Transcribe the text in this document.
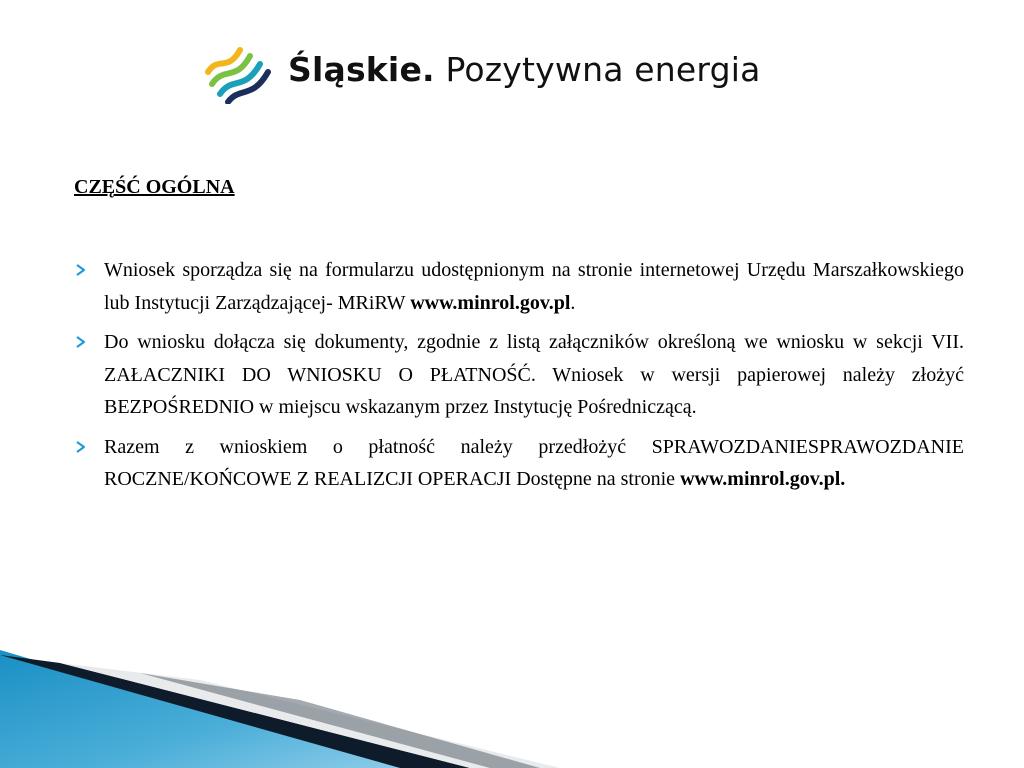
Śląskie. Pozytywna energia
CZĘŚĆ OGÓLNA
Wniosek sporządza się na formularzu udostępnionym na stronie internetowej Urzędu Marszałkowskiego lub Instytucji Zarządzającej- MRiRW www.minrol.gov.pl.
Do wniosku dołącza się dokumenty, zgodnie z listą załączników określoną we wniosku w sekcji VII. ZAŁACZNIKI DO WNIOSKU O PŁATNOŚĆ. Wniosek w wersji papierowej należy złożyć BEZPOŚREDNIO w miejscu wskazanym przez Instytucję Pośredniczącą.
Razem z wnioskiem o płatność należy przedłożyć SPRAWOZDANIESPRAWOZDANIE ROCZNE/KOŃCOWE Z REALIZCJI OPERACJI Dostępne na stronie www.minrol.gov.pl.
